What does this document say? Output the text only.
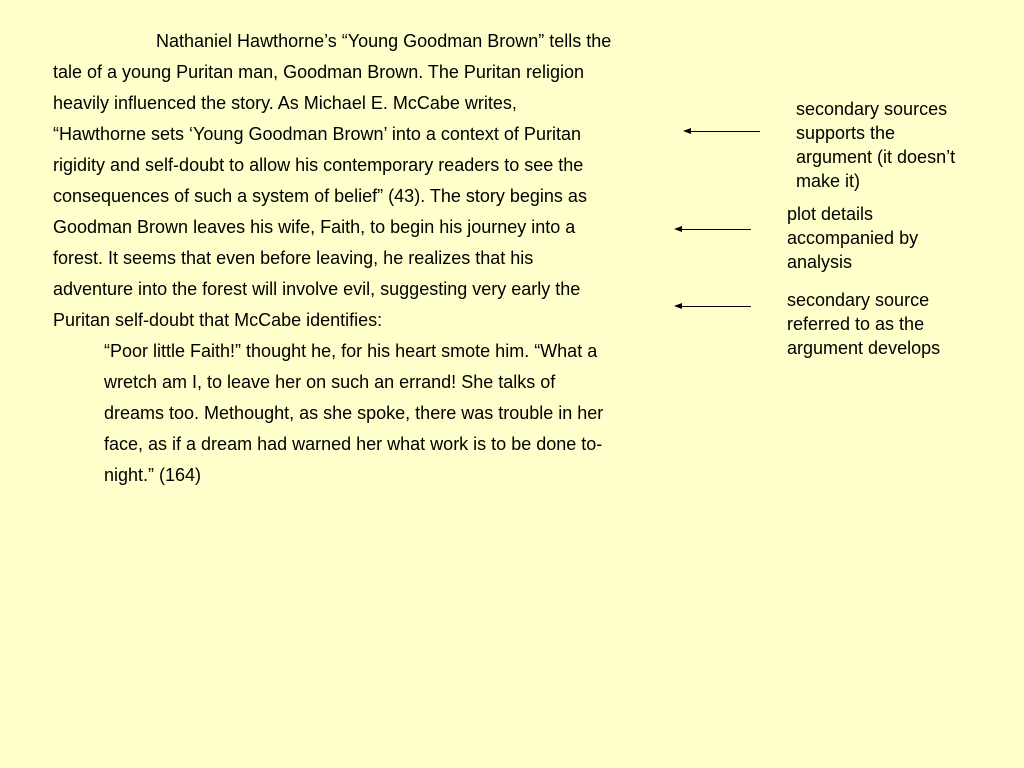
Nathaniel Hawthorne’s “Young Goodman Brown” tells the
tale of a young Puritan man, Goodman Brown. The Puritan religion
heavily influenced the story. As Michael E. McCabe writes,
“Hawthorne sets ‘Young Goodman Brown’ into a context of Puritan
rigidity and self-doubt to allow his contemporary readers to see the
consequences of such a system of belief” (43). The story begins as
Goodman Brown leaves his wife, Faith, to begin his journey into a
forest. It seems that even before leaving, he realizes that his
adventure into the forest will involve evil, suggesting very early the
Puritan self-doubt that McCabe identifies:
“Poor little Faith!” thought he, for his heart smote him. “What a
wretch am I, to leave her on such an errand! She talks of
dreams too. Methought, as she spoke, there was trouble in her
face, as if a dream had warned her what work is to be done to-
night.” (164)
secondary sources
supports the
argument (it doesn’t
make it)
plot details
accompanied by
analysis
secondary source
referred to as the
argument develops
